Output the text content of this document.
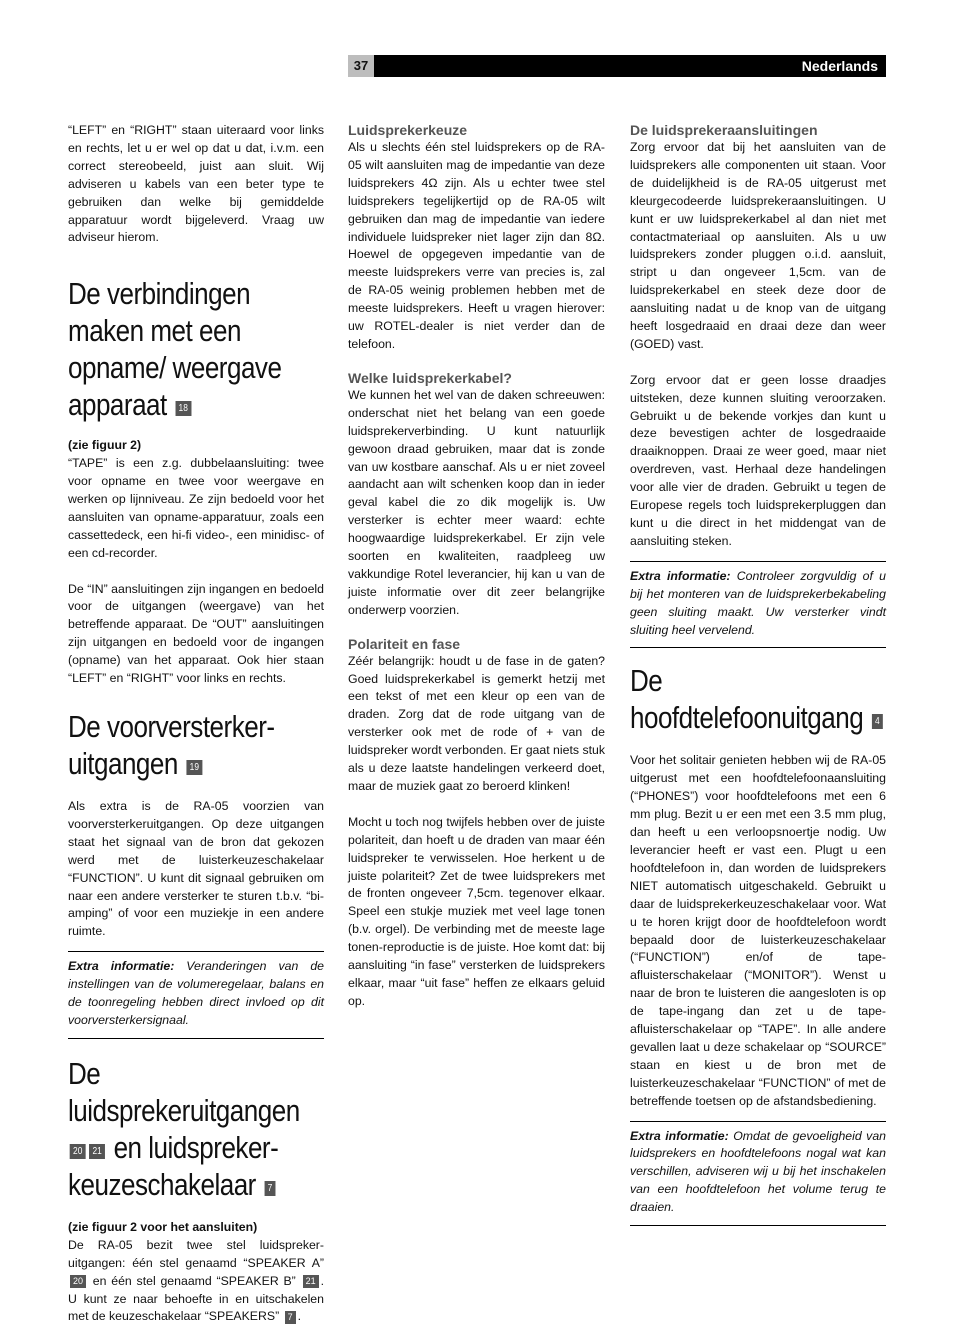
37	Nederlands

“LEFT” en “RIGHT” staan uiteraard voor links en rechts, let u er wel op dat u dat, i.v.m. een correct stereobeeld, juist aan sluit. Wij adviseren u kabels van een beter type te gebruiken dan welke bij gemiddelde apparatuur wordt bijgeleverd. Vraag uw adviseur hierom.

De verbindingen maken met een opname/ weergave apparaat 18

(zie figuur 2)

“TAPE” is een z.g. dubbelaansluiting: twee voor opname en twee voor weergave en werken op lijnniveau. Ze zijn bedoeld voor het aansluiten van opname-apparatuur, zoals een cassettedeck, een hi-fi video-, een minidisc- of een cd-recorder.

De “IN” aansluitingen zijn ingangen en bedoeld voor de uitgangen (weergave) van het betreffende apparaat. De “OUT” aansluitingen zijn uitgangen en bedoeld voor de ingangen (opname) van het apparaat. Ook hier staan “LEFT” en “RIGHT” voor links en rechts.

De voorversterker-uitgangen 19

Als extra is de RA-05 voorzien van voorversterkeruitgangen. Op deze uitgangen staat het signaal van de bron dat gekozen werd met de luisterkeuzeschakelaar “FUNCTION”. U kunt dit signaal gebruiken om naar een andere versterker te sturen t.b.v. “bi-amping” of voor een muziekje in een andere ruimte.

Extra informatie: Veranderingen van de instellingen van de volumeregelaar, balans en de toonregeling hebben direct invloed op dit voorversterkersignaal.

De luidsprekeruitgangen 20 21 en luidspreker-keuzeschakelaar 7

(zie figuur 2 voor het aansluiten)

De RA-05 bezit twee stel luidspreker-uitgangen: één stel genaamd “SPEAKER A” 20 en één stel genaamd “SPEAKER B” 21 . U kunt ze naar behoefte in en uitschakelen met de keuzeschakelaar “SPEAKERS” 7 .

Luidsprekerkeuze

Als u slechts één stel luidsprekers op de RA-05 wilt aansluiten mag de impedantie van deze luidsprekers 4Ω zijn. Als u echter twee stel luidsprekers tegelijkertijd op de RA-05 wilt gebruiken dan mag de impedantie van iedere individuele luidspreker niet lager zijn dan 8Ω. Hoewel de opgegeven impedantie van de meeste luidsprekers verre van precies is, zal de RA-05 weinig problemen hebben met de meeste luidsprekers. Heeft u vragen hierover: uw ROTEL-dealer is niet verder dan de telefoon.

Welke luidsprekerkabel?

We kunnen het wel van de daken schreeuwen: onderschat niet het belang van een goede luidsprekerverbinding. U kunt natuurlijk gewoon draad gebruiken, maar dat is zonde van uw kostbare aanschaf. Als u er niet zoveel aandacht aan wilt schenken koop dan in ieder geval kabel die zo dik mogelijk is. Uw versterker is echter meer waard: echte hoogwaardige luidsprekerkabel. Er zijn vele soorten en kwaliteiten, raadpleeg uw vakkundige Rotel leverancier, hij kan u van de juiste informatie over dit zeer belangrijke onderwerp voorzien.

Polariteit en fase

Zéér belangrijk: houdt u de fase in de gaten? Goed luidsprekerkabel is gemerkt hetzij met een tekst of met een kleur op een van de draden. Zorg dat de rode uitgang van de versterker ook met de rode of + van de luidspreker wordt verbonden. Er gaat niets stuk als u deze laatste handelingen verkeerd doet, maar de muziek gaat zo beroerd klinken!

Mocht u toch nog twijfels hebben over de juiste polariteit, dan hoeft u de draden van maar één luidspreker te verwisselen. Hoe herkent u de juiste polariteit? Zet de twee luidsprekers met de fronten ongeveer 7,5cm. tegenover elkaar. Speel een stukje muziek met veel lage tonen (b.v. orgel). De verbinding met de meeste lage tonen-reproductie is de juiste. Hoe komt dat: bij aansluiting “in fase” versterken de luidsprekers elkaar, maar “uit fase” heffen ze elkaars geluid op.

De luidsprekeraansluitingen

Zorg ervoor dat bij het aansluiten van de luidsprekers alle componenten uit staan. Voor de duidelijkheid is de RA-05 uitgerust met kleurgecodeerde luidsprekeraansluitingen. U kunt er uw luidsprekerkabel al dan niet met contactmateriaal op aansluiten. Als u uw luidsprekers zonder pluggen o.i.d. aansluit, stript u dan ongeveer 1,5cm. van de luidsprekerkabel en steek deze door de aansluiting nadat u de knop van de uitgang heeft losgedraaid en draai deze dan weer (GOED) vast.

Zorg ervoor dat er geen losse draadjes uitsteken, deze kunnen sluiting veroorzaken. Gebruikt u de bekende vorkjes dan kunt u deze bevestigen achter de losgedraaide draaiknoppen. Draai ze weer goed, maar niet overdreven, vast. Herhaal deze handelingen voor alle vier de draden. Gebruikt u tegen de Europese regels toch luidsprekerpluggen dan kunt u die direct in het middengat van de aansluiting steken.

Extra informatie: Controleer zorgvuldig of u bij het monteren van de luidsprekerbekabeling geen sluiting maakt. Uw versterker vindt sluiting heel vervelend.

De hoofdtelefoonuitgang 4

Voor het solitair genieten hebben wij de RA-05 uitgerust met een hoofdtelefoonaansluiting (“PHONES”) voor hoofdtelefoons met een 6 mm plug. Bezit u er een met een 3.5 mm plug, dan heeft u een verloopsnoertje nodig. Uw leverancier heeft er vast een. Plugt u een hoofdtelefoon in, dan worden de luidsprekers NIET automatisch uitgeschakeld. Gebruikt u daar de luidsprekerkeuzeschakelaar voor. Wat u te horen krijgt door de hoofdtelefoon wordt bepaald door de luisterkeuzeschakelaar (“FUNCTION”) en/of de tape-afluisterschakelaar (“MONITOR”). Wenst u naar de bron te luisteren die aangesloten is op de tape-ingang dan zet u de tape-afluisterschakelaar op “TAPE”. In alle andere gevallen laat u deze schakelaar op “SOURCE” staan en kiest u de bron met de luisterkeuzeschakelaar “FUNCTION” of met de betreffende toetsen op de afstandsbediening.

Extra informatie: Omdat de gevoeligheid van luidsprekers en hoofdtelefoons nogal wat kan verschillen, adviseren wij u bij het inschakelen van een hoofdtelefoon het volume terug te draaien.
